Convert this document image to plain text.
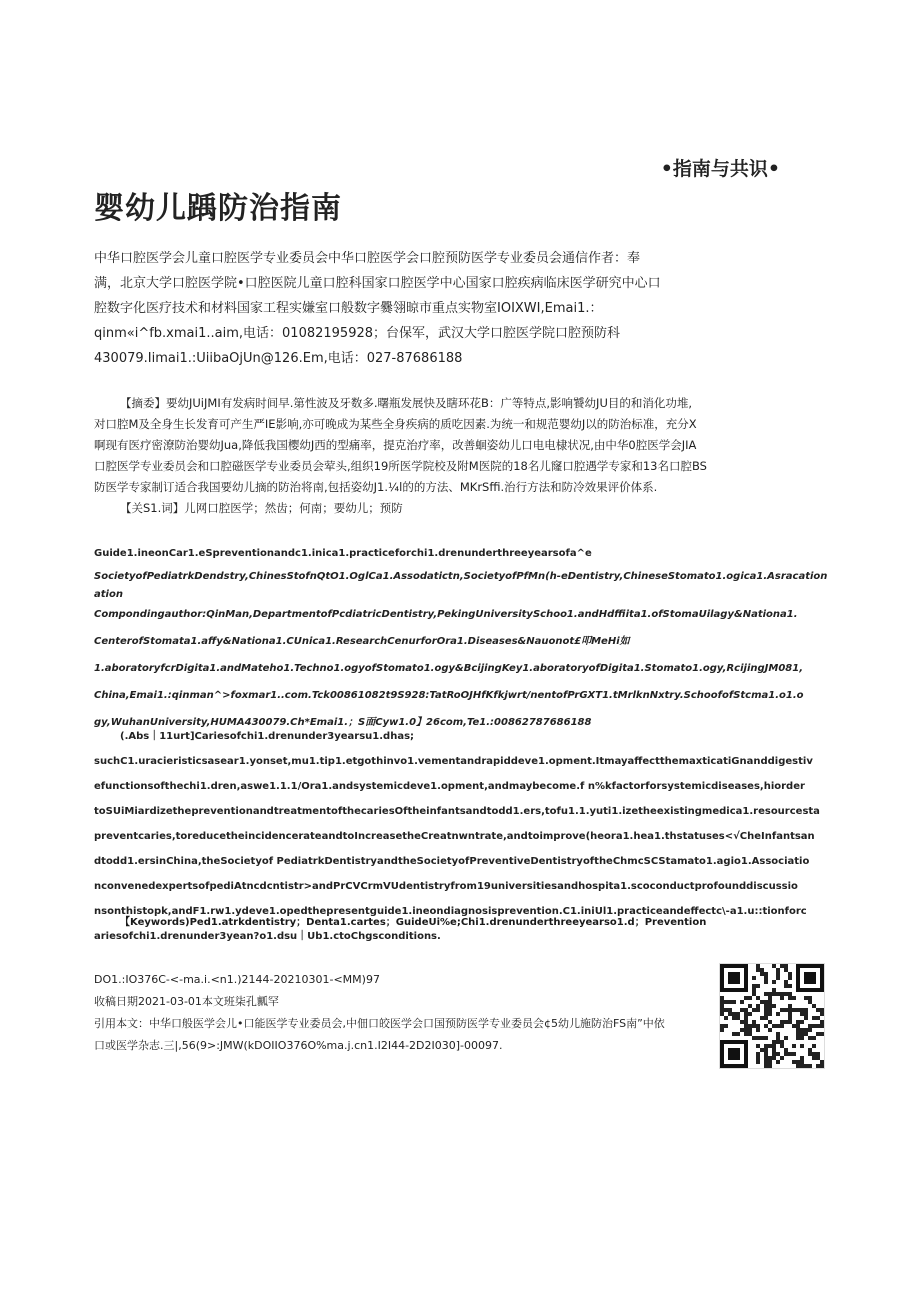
•指南与共识•
婴幼儿踽防治指南

中华口腔医学会儿童口腔医学专业委员会中华口腔医学会口腔预防医学专业委员会通信作者：奉

满，北京大学口腔医学院•口腔医院儿童口腔科国家口腔医学中心国家口腔疾病临床医学研究中心口

腔数字化医疗技术和材料国家工程实嫌室口般数字爨翎晾市重点实物室IOIXWI,Emai1.：

qinm«i^fb.xmai1..aim,电话：01082195928；台保军，武汉大学口腔医学院口腔预防科

430079.Iimai1.:UiibaOjUn@126.Em,电话：027-87686188

【摘委】要幼JUiJMI有发病时间早.第性波及牙数多.曙瓶发展快及瞎环花B：广等特点,影响饕幼JU目的和消化功堆,

对口腔M及全身生长发育可产生严IE影响,亦可晚成为某些全身疾病的质吃因素.为统一和规范婴幼J以的防治标准，充分X

啊现有医疗密潦防治婴幼Jua,降低我国樱幼J西的型痛率，提克治疗率，改善蛔姿幼儿口电电棣状况,由中华0腔医学会JIA

口腔医学专业委员会和口腔磁医学专业委员会荤头,组织19所医学院校及附M医院的18名儿窿口腔遇学专家和13名口腔BS

防医学专家制订适合我国要幼儿摘的防治将南,包括姿幼J1.¼l的的方法、MKrSffi.治行方法和防冷效果评价体系.

【关S1.词】儿网口腔医学；然齿；何南；要幼儿；预防

Guide1.ineonCar1.eSpreventionandc1.inica1.practiceforchi1.drenunderthreeyearsofa^e

SocietyofPediatrkDendstry,ChinesStofnQtO1.OglCa1.Assodatictn,SocietyofPfMn(h-eDentistry,ChineseStomato1.ogica1.Asracation

ation

Compondingauthor:QinMan,DepartmentofPcdiatricDentistry,PekingUniversitySchoo1.andHdffiita1.ofStomaUilagy&Nationa1.

CenterofStomata1.affy&Nationa1.CUnica1.ResearchCenurforOra1.Diseases&Nauonot£叩MeHi如

1.aboratoryfcrDigita1.andMateho1.Techno1.ogyofStomato1.ogy&BcijingKey1.aboratoryofDigita1.Stomato1.ogy,RcijingJM081,

China,Emai1.:qinman^>foxmar1..com.Tck00861082t9S928:TatRoOJHfKfkjwrt/nentofPrGXT1.tMrlknNxtry.SchoofofStcma1.o1.o

gy,WuhanUniversity,HUMA430079.Ch*Emai1.；S面Cyw1.0】26com,Te1.:008627876861​88

(.Abs｜11urt]Cariesofchi1.drenunder3yearsu1.dhas;

suchC1.uracieristicsasear1.yonset,mu1.tip1.etgothinvo1.vementandrapiddeve1.opment.ItmayaffectthemaxticatiGnanddigestiv

efunctionsofthechi1.dren,aswe1.1.1/Ora1.andsystemicdeve1.opment,andmaybecome.f n%kfactorforsystemicdiseases,hiorder

toSUiMiardizethepreventionandtreatmentofthecariesOftheinfantsandtodd1.ers,tofu1.1.yuti1.izetheexistingmedica1.resourcesta

preventcaries,toreducetheincidencerateandtoIncreasetheCreatnwntrate,andtoimprove(heora1.hea1.thstatuses<√CheInfantsan

dtodd1.ersinChina,theSocietyof PediatrkDentistryandtheSocietyofPreventiveDentistryoftheChmcSCStamato1.agio1.Associatio

nconvenedexpertsofpediAtncdcntistr>andPrCVCrmVUdentistryfrom19universitiesandhospita1.scoconductprofounddiscussio

nsonthistopk,andF1.rw1.ydeve1.opedthepresentguide1.ineondiagnosisprevention.C1.iniUl1.practiceandeffectc\-a1.u::tionforc

ariesofchi1.drenunder3yean?o1.dsu｜Ub1.ctoChgsconditions.

【Keywords)Ped1.atrkdentistry；Denta1.cartes；GuideUi%e;Chi1.drenunderthreeyearso1.d；Prevention

DO1.:IO376C-<-ma.i.<n1.)2144-20210301-<MM)97

收稿日期2021-03-01本文班柒孔瓤罕

引用本文：中华口般医学会儿•口能医学专业委员会,中佃口皎医学会口国预防医学专业委员会¢5幼儿施防治FS南”中依

口或医学杂志.三|,56(9>:JMW(kDOIIO376O%ma.j.cn1.I2I44-2D2I030]-00097.
